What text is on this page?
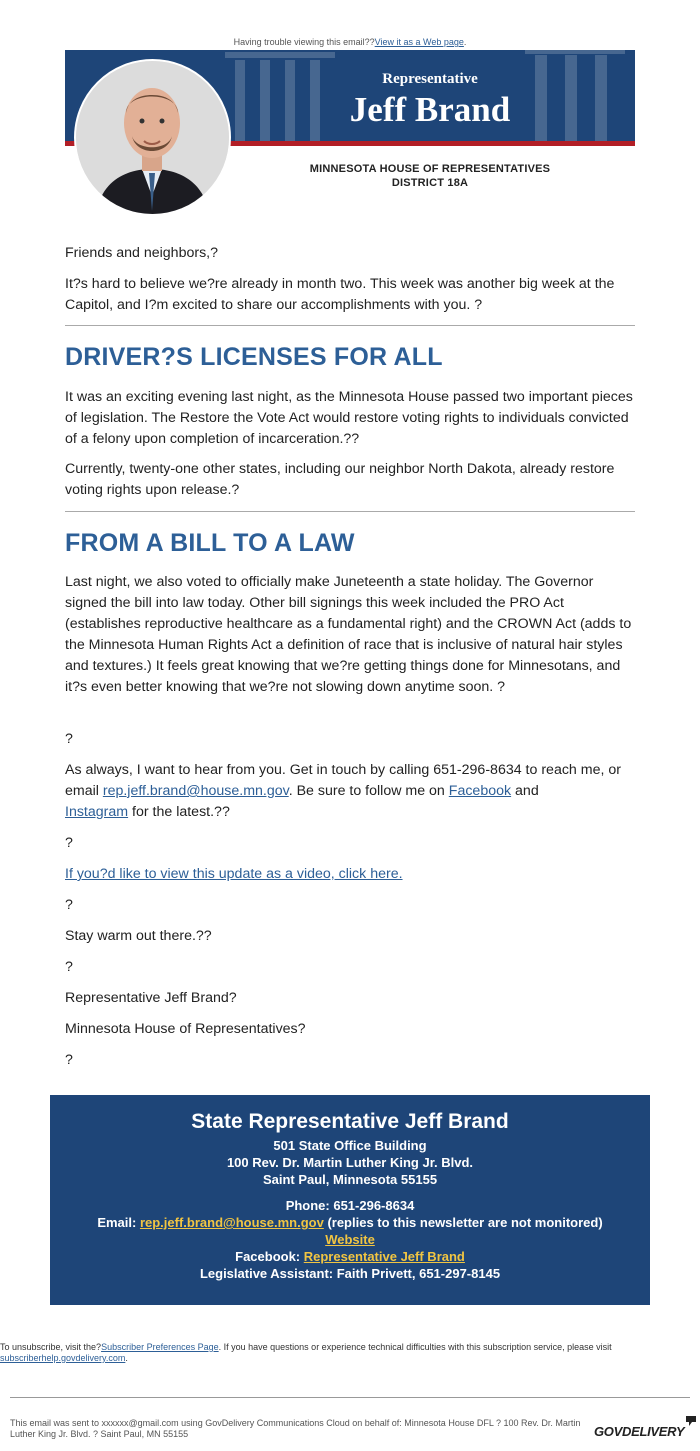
Having trouble viewing this email??View it as a Web page.
Representative
Jeff Brand
MINNESOTA HOUSE OF REPRESENTATIVES
DISTRICT 18A

Friends and neighbors,?

It?s hard to believe we?re already in month two. This week was another big week at the Capitol, and I?m excited to share our accomplishments with you. ?

DRIVER?S LICENSES FOR ALL

It was an exciting evening last night, as the Minnesota House passed two important pieces of legislation. The Restore the Vote Act would restore voting rights to individuals convicted of a felony upon completion of incarceration.??

Currently, twenty-one other states, including our neighbor North Dakota, already restore voting rights upon release.?

FROM A BILL TO A LAW

Last night, we also voted to officially make Juneteenth a state holiday. The Governor signed the bill into law today. Other bill signings this week included the PRO Act (establishes reproductive healthcare as a fundamental right) and the CROWN Act (adds to the Minnesota Human Rights Act a definition of race that is inclusive of natural hair styles and textures.) It feels great knowing that we?re getting things done for Minnesotans, and it?s even better knowing that we?re not slowing down anytime soon. ?

?

As always, I want to hear from you. Get in touch by calling 651-296-8634 to reach me, or email rep.jeff.brand@house.mn.gov. Be sure to follow me on Facebook and
Instagram for the latest.??

?

If you?d like to view this update as a video, click here.

?

Stay warm out there.??

?

Representative Jeff Brand?

Minnesota House of Representatives?

?

State Representative Jeff Brand
501 State Office Building
100 Rev. Dr. Martin Luther King Jr. Blvd.
Saint Paul, Minnesota 55155
Phone: 651-296-8634
Email: rep.jeff.brand@house.mn.gov (replies to this newsletter are not monitored)
Website
Facebook: Representative Jeff Brand
Legislative Assistant: Faith Privett, 651-297-8145
To unsubscribe, visit the?Subscriber Preferences Page. If you have questions or experience technical difficulties with this subscription service, please visit subscriberhelp.govdelivery.com.
This email was sent to xxxxxx@gmail.com using GovDelivery Communications Cloud on behalf of: Minnesota House DFL ? 100 Rev. Dr. Martin Luther King Jr. Blvd. ? Saint Paul, MN 55155	GOVDELIVERY
